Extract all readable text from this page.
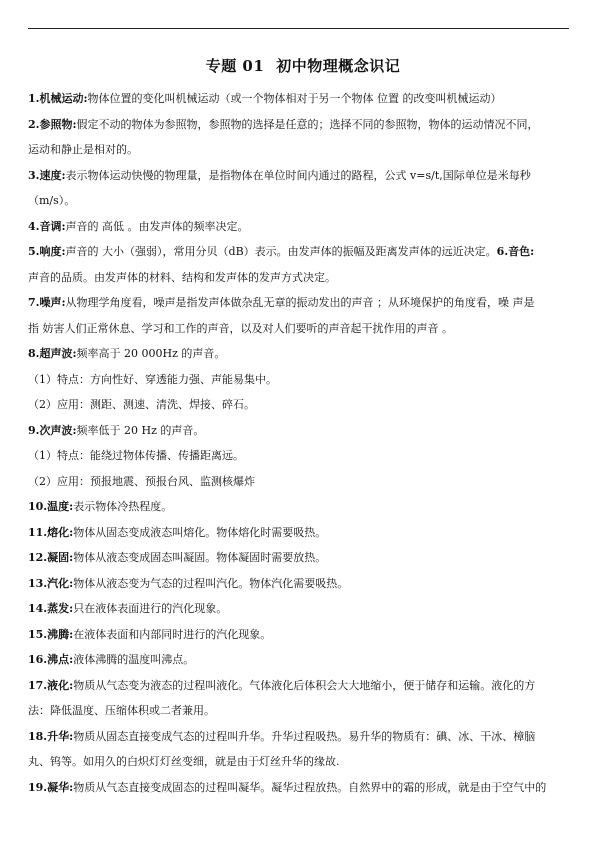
专题 01 初中物理概念识记
1.机械运动:物体位置的变化叫机械运动（或一个物体相对于另一个物体 位置 的改变叫机械运动）
2.参照物:假定不动的物体为参照物，参照物的选择是任意的；选择不同的参照物，物体的运动情况不同，
运动和静止是相对的。
3.速度:表示物体运动快慢的物理量，是指物体在单位时间内通过的路程，公式 v=s/t,国际单位是米每秒
（m/s）。
4.音调:声音的 高低 。由发声体的频率决定。
5.响度:声音的 大小（强弱），常用分贝（dB）表示。由发声体的振幅及距离发声体的远近决定。6.音色:
声音的品质。由发声体的材料、结构和发声体的发声方式决定。
7.噪声:从物理学角度看，噪声是指发声体做杂乱无章的振动发出的声音 ；从环境保护的角度看，噪 声是
指 妨害人们正常休息、学习和工作的声音，以及对人们要听的声音起干扰作用的声音 。
8.超声波:频率高于 20 000Hz 的声音。
（1）特点：方向性好、穿透能力强、声能易集中。
（2）应用：测距、测速、清洗、焊接、碎石。
9.次声波:频率低于 20 Hz 的声音。
（1）特点：能绕过物体传播、传播距离远。
（2）应用：预报地震、预报台风、监测核爆炸
10.温度:表示物体冷热程度。
11.熔化:物体从固态变成液态叫熔化。物体熔化时需要吸热。
12.凝固:物体从液态变成固态叫凝固。物体凝固时需要放热。
13.汽化:物体从液态变为气态的过程叫汽化。物体汽化需要吸热。
14.蒸发:只在液体表面进行的汽化现象。
15.沸腾:在液体表面和内部同时进行的汽化现象。
16.沸点:液体沸腾的温度叫沸点。
17.液化:物质从气态变为液态的过程叫液化。气体液化后体积会大大地缩小，便于储存和运输。液化的方
法：降低温度、压缩体积或二者兼用。
18.升华:物质从固态直接变成气态的过程叫升华。升华过程吸热。易升华的物质有：碘、冰、干冰、樟脑
丸、钨等。如用久的白炽灯灯丝变细，就是由于灯丝升华的缘故.
19.凝华:物质从气态直接变成固态的过程叫凝华。凝华过程放热。自然界中的霜的形成，就是由于空气中的
